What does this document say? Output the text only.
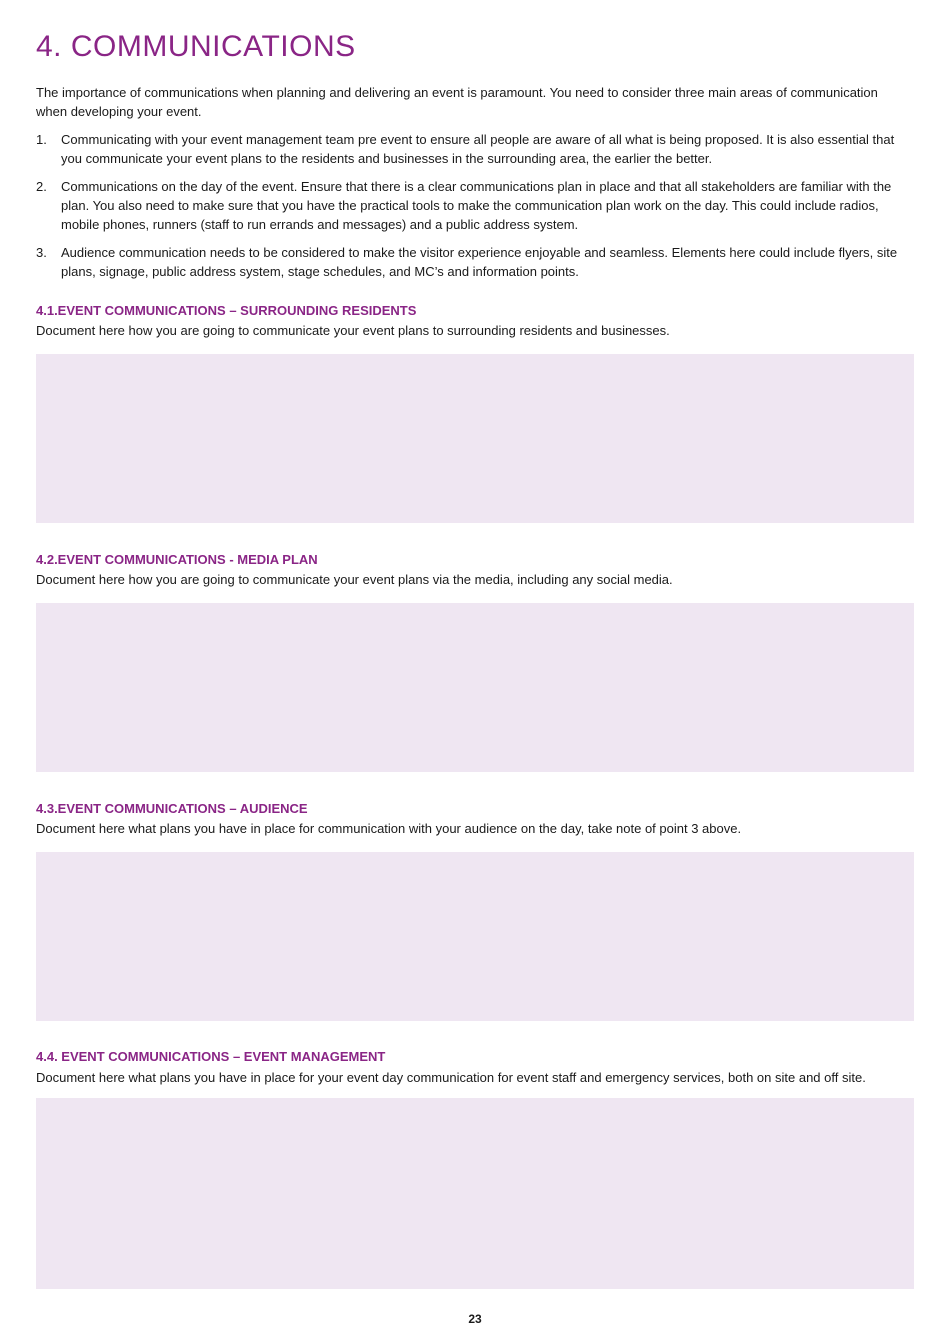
4. COMMUNICATIONS

The importance of communications when planning and delivering an event is paramount. You need to consider three main areas of communication when developing your event.

1. Communicating with your event management team pre event to ensure all people are aware of all what is being proposed. It is also essential that you communicate your event plans to the residents and businesses in the surrounding area, the earlier the better.
2. Communications on the day of the event. Ensure that there is a clear communications plan in place and that all stakeholders are familiar with the plan. You also need to make sure that you have the practical tools to make the communication plan work on the day. This could include radios, mobile phones, runners (staff to run errands and messages) and a public address system.
3. Audience communication needs to be considered to make the visitor experience enjoyable and seamless. Elements here could include flyers, site plans, signage, public address system, stage schedules, and MC’s and information points.
4.1.EVENT COMMUNICATIONS – SURROUNDING RESIDENTS

Document here how you are going to communicate your event plans to surrounding residents and businesses.

4.2.EVENT COMMUNICATIONS - MEDIA PLAN

Document here how you are going to communicate your event plans via the media, including any social media.

4.3.EVENT COMMUNICATIONS – AUDIENCE

Document here what plans you have in place for communication with your audience on the day, take note of point 3 above.

4.4. EVENT COMMUNICATIONS – EVENT MANAGEMENT

Document here what plans you have in place for your event day communication for event staff and emergency services, both on site and off site.

23
